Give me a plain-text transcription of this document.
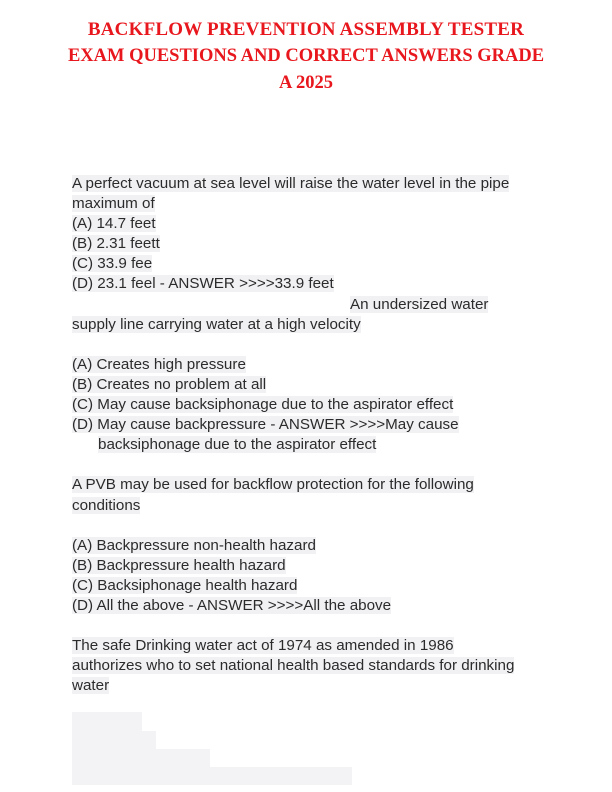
BACKFLOW PREVENTION ASSEMBLY TESTER
EXAM QUESTIONS AND CORRECT ANSWERS GRADE
A 2025
A perfect vacuum at sea level will raise the water level in the pipe
maximum of
(A) 14.7 feet
(B) 2.31 feett
(C) 33.9 fee
(D) 23.1 feel - ANSWER >>>>33.9 feet
An undersized water
supply line carrying water at a high velocity
(A) Creates high pressure
(B) Creates no problem at all
(C) May cause backsiphonage due to the aspirator effect
(D) May cause backpressure - ANSWER >>>>May cause
backsiphonage due to the aspirator effect
A PVB may be used for backflow protection for the following
conditions
(A) Backpressure non-health hazard
(B) Backpressure health hazard
(C) Backsiphonage health hazard
(D) All the above - ANSWER >>>>All the above
The safe Drinking water act of 1974 as amended in 1986
authorizes who to set national health based standards for drinking
water
